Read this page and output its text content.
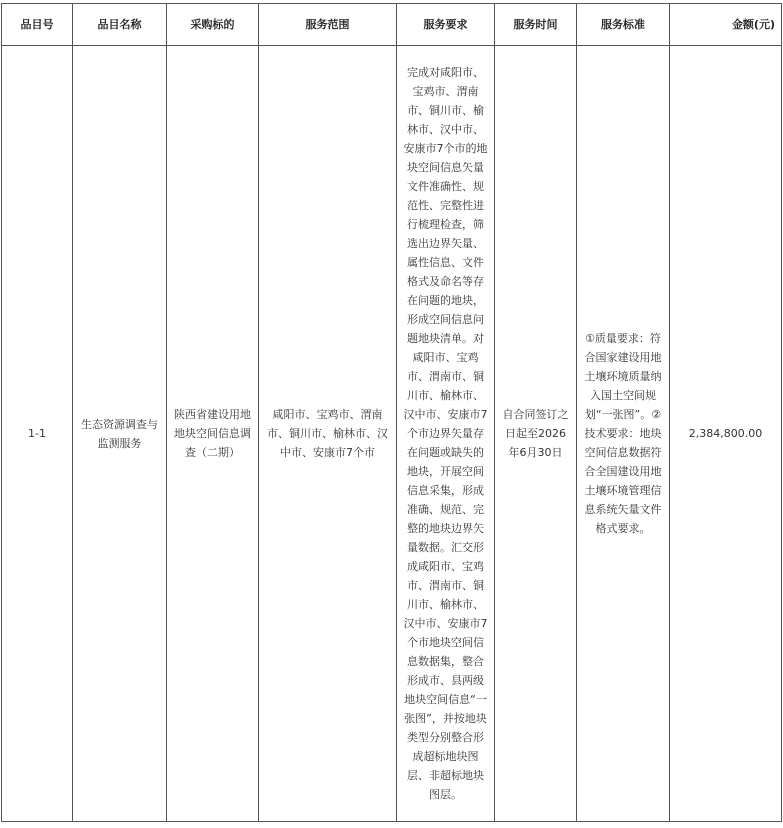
品目号	品目名称	采购标的	服务范围	服务要求	服务时间	服务标准	金额(元)
1-1	生态资源调查与监测服务	陕西省建设用地地块空间信息调查（二期）	咸阳市、宝鸡市、渭南市、铜川市、榆林市、汉中市、安康市7个市	完成对咸阳市、宝鸡市、渭南市、铜川市、榆林市、汉中市、安康市7个市的地块空间信息矢量文件准确性、规范性、完整性进行梳理检查，筛选出边界矢量、属性信息、文件格式及命名等存在问题的地块，形成空间信息问题地块清单。对咸阳市、宝鸡市、渭南市、铜川市、榆林市、汉中市、安康市7个市边界矢量存在问题或缺失的地块，开展空间信息采集，形成准确、规范、完整的地块边界矢量数据。汇交形成咸阳市、宝鸡市、渭南市、铜川市、榆林市、汉中市、安康市7个市地块空间信息数据集，整合形成市、县两级地块空间信息“一张图”，并按地块类型分别整合形成超标地块图层、非超标地块图层。	自合同签订之日起至2026年6月30日	①质量要求：符合国家建设用地土壤环境质量纳入国土空间规划“一张图”。②技术要求：地块空间信息数据符合全国建设用地土壤环境管理信息系统矢量文件格式要求。	2,384,800.00
